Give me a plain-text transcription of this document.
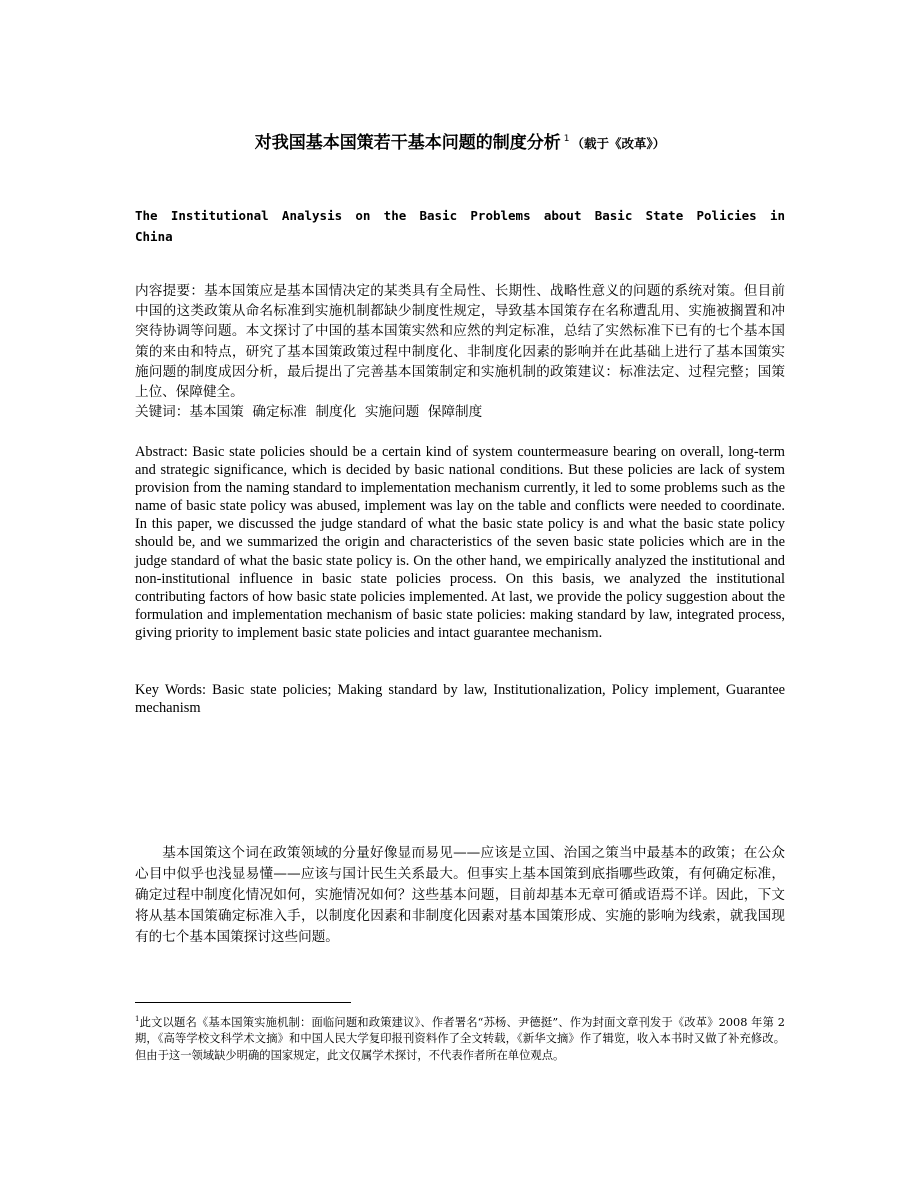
对我国基本国策若干基本问题的制度分析 $^1$ （载于《改革》）
The Institutional Analysis on the Basic Problems about Basic State Policies in
China
内容提要：基本国策应是基本国情决定的某类具有全局性、长期性、战略性意义的问题的系统对策。但目前中国的这类政策从命名标准到实施机制都缺少制度性规定，导致基本国策存在名称遭乱用、实施被搁置和冲突待协调等问题。本文探讨了中国的基本国策实然和应然的判定标准，总结了实然标准下已有的七个基本国策的来由和特点，研究了基本国策政策过程中制度化、非制度化因素的影响并在此基础上进行了基本国策实施问题的制度成因分析，最后提出了完善基本国策制定和实施机制的政策建议：标准法定、过程完整；国策上位、保障健全。
关键词：基本国策  确定标准  制度化  实施问题  保障制度
Abstract: Basic state policies should be a certain kind of system countermeasure bearing on overall, long-term and strategic significance, which is decided by basic national conditions. But these policies are lack of system provision from the naming standard to implementation mechanism currently, it led to some problems such as the name of basic state policy was abused, implement was lay on the table and conflicts were needed to coordinate. In this paper, we discussed the judge standard of what the basic state policy is and what the basic state policy should be, and we summarized the origin and characteristics of the seven basic state policies which are in the judge standard of what the basic state policy is. On the other hand, we empirically analyzed the institutional and non-institutional influence in basic state policies process. On this basis, we analyzed the institutional contributing factors of how basic state policies implemented. At last, we provide the policy suggestion about the formulation and implementation mechanism of basic state policies: making standard by law, integrated process, giving priority to implement basic state policies and intact guarantee mechanism.
Key Words: Basic state policies; Making standard by law, Institutionalization, Policy implement, Guarantee mechanism
基本国策这个词在政策领域的分量好像显而易见——应该是立国、治国之策当中最基本的政策；在公众心目中似乎也浅显易懂——应该与国计民生关系最大。但事实上基本国策到底指哪些政策，有何确定标准，确定过程中制度化情况如何，实施情况如何？这些基本问题，目前却基本无章可循或语焉不详。因此，下文将从基本国策确定标准入手，以制度化因素和非制度化因素对基本国策形成、实施的影响为线索，就我国现有的七个基本国策探讨这些问题。
$^1$此文以题名《基本国策实施机制：面临问题和政策建议》、作者署名“苏杨、尹德挺”、作为封面文章刊发于《改革》2008 年第 2 期，《高等学校文科学术文摘》和中国人民大学复印报刊资料作了全文转载，《新华文摘》作了辑览，收入本书时又做了补充修改。但由于这一领域缺少明确的国家规定，此文仅属学术探讨，不代表作者所在单位观点。
